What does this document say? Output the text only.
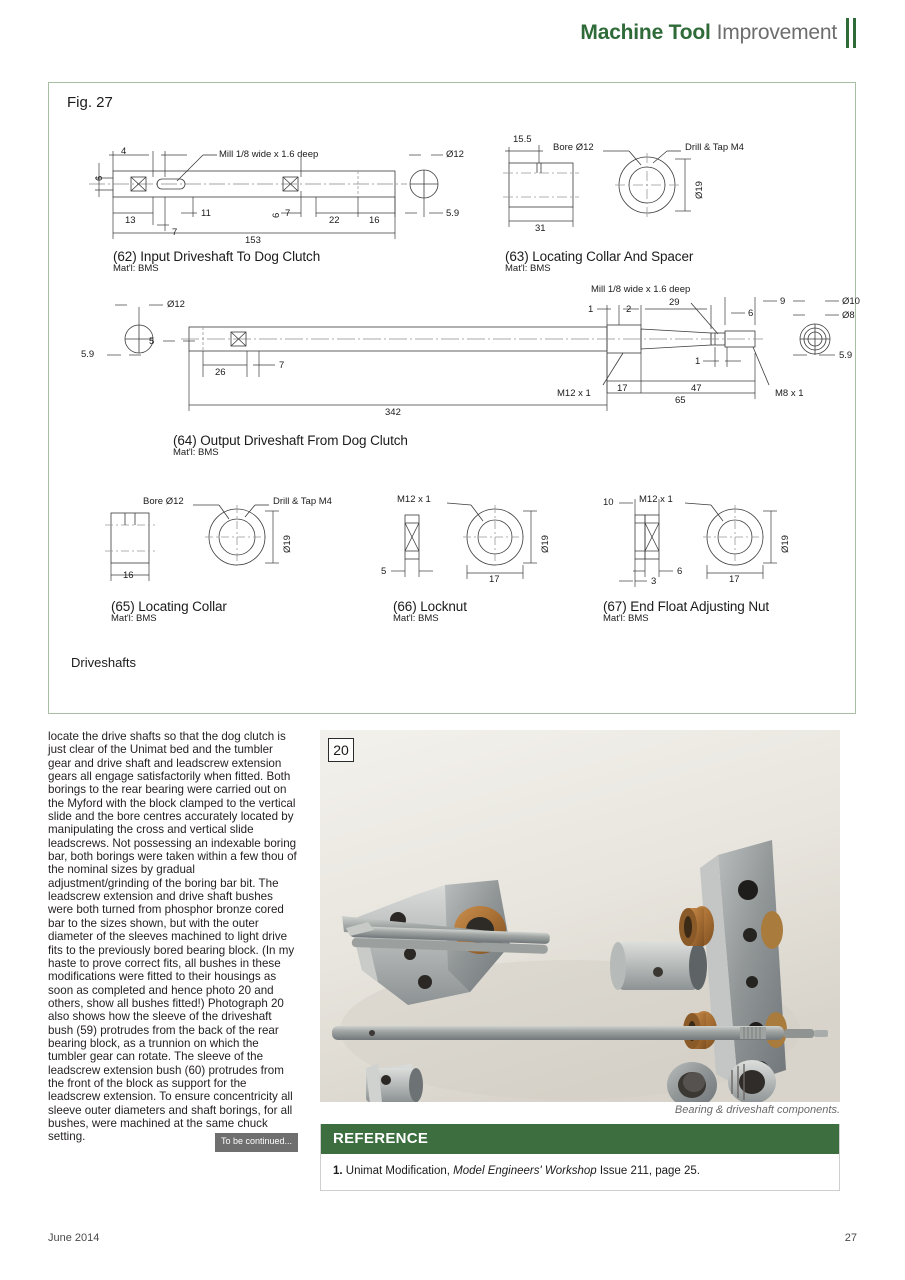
Machine Tool Improvement
Fig. 27
6
4	Mill 1/8 wide x 1.6 deep	Ø12
13
7
11	6 7
22	16
5.9
153
(62) Input Driveshaft To Dog Clutch
Mat'l: BMS
15.5
Bore Ø12	Drill & Tap M4
Ø19
31
(63) Locating Collar And Spacer
Mat'l: BMS
Ø12
5.9
5
26
7
342
Mill 1/8 wide x 1.6 deep
1	2
29	9
6
Ø10
Ø8
1
M12 x 1	17	47
65
M8 x 1
5.9
(64) Output Driveshaft From Dog Clutch
Mat'l: BMS
Bore Ø12	Drill & Tap M4
Ø19
16
(65) Locating Collar
Mat'l: BMS
M12 x 1
5
17
Ø19
(66) Locknut
Mat'l: BMS
10	M12 x 1
6
3	17
Ø19
(67) End Float Adjusting Nut
Mat'l: BMS
Driveshafts
locate the drive shafts so that the dog clutch is just clear of the Unimat bed and the tumbler gear and drive shaft and leadscrew extension gears all engage satisfactorily when fitted. Both borings to the rear bearing were carried out on the Myford with the block clamped to the vertical slide and the bore centres accurately located by manipulating the cross and vertical slide leadscrews. Not possessing an indexable boring bar, both borings were taken within a few thou of the nominal sizes by gradual adjustment/grinding of the boring bar bit. The leadscrew extension and drive shaft bushes were both turned from phosphor bronze cored bar to the sizes shown, but with the outer diameter of the sleeves machined to light drive fits to the previously bored bearing block. (In my haste to prove correct fits, all bushes in these modifications were fitted to their housings as soon as completed and hence photo 20 and others, show all bushes fitted!) Photograph 20 also shows how the sleeve of the driveshaft bush (59) protrudes from the back of the rear bearing block, as a trunnion on which the tumbler gear can rotate. The sleeve of the leadscrew extension bush (60) protrudes from the front of the block as support for the leadscrew extension. To ensure concentricity all sleeve outer diameters and shaft borings, for all bushes, were machined at the same chuck setting.	To be continued...
20
Bearing & driveshaft components.
REFERENCE
1. Unimat Modification, Model Engineers' Workshop Issue 211, page 25.
June 2014	27
